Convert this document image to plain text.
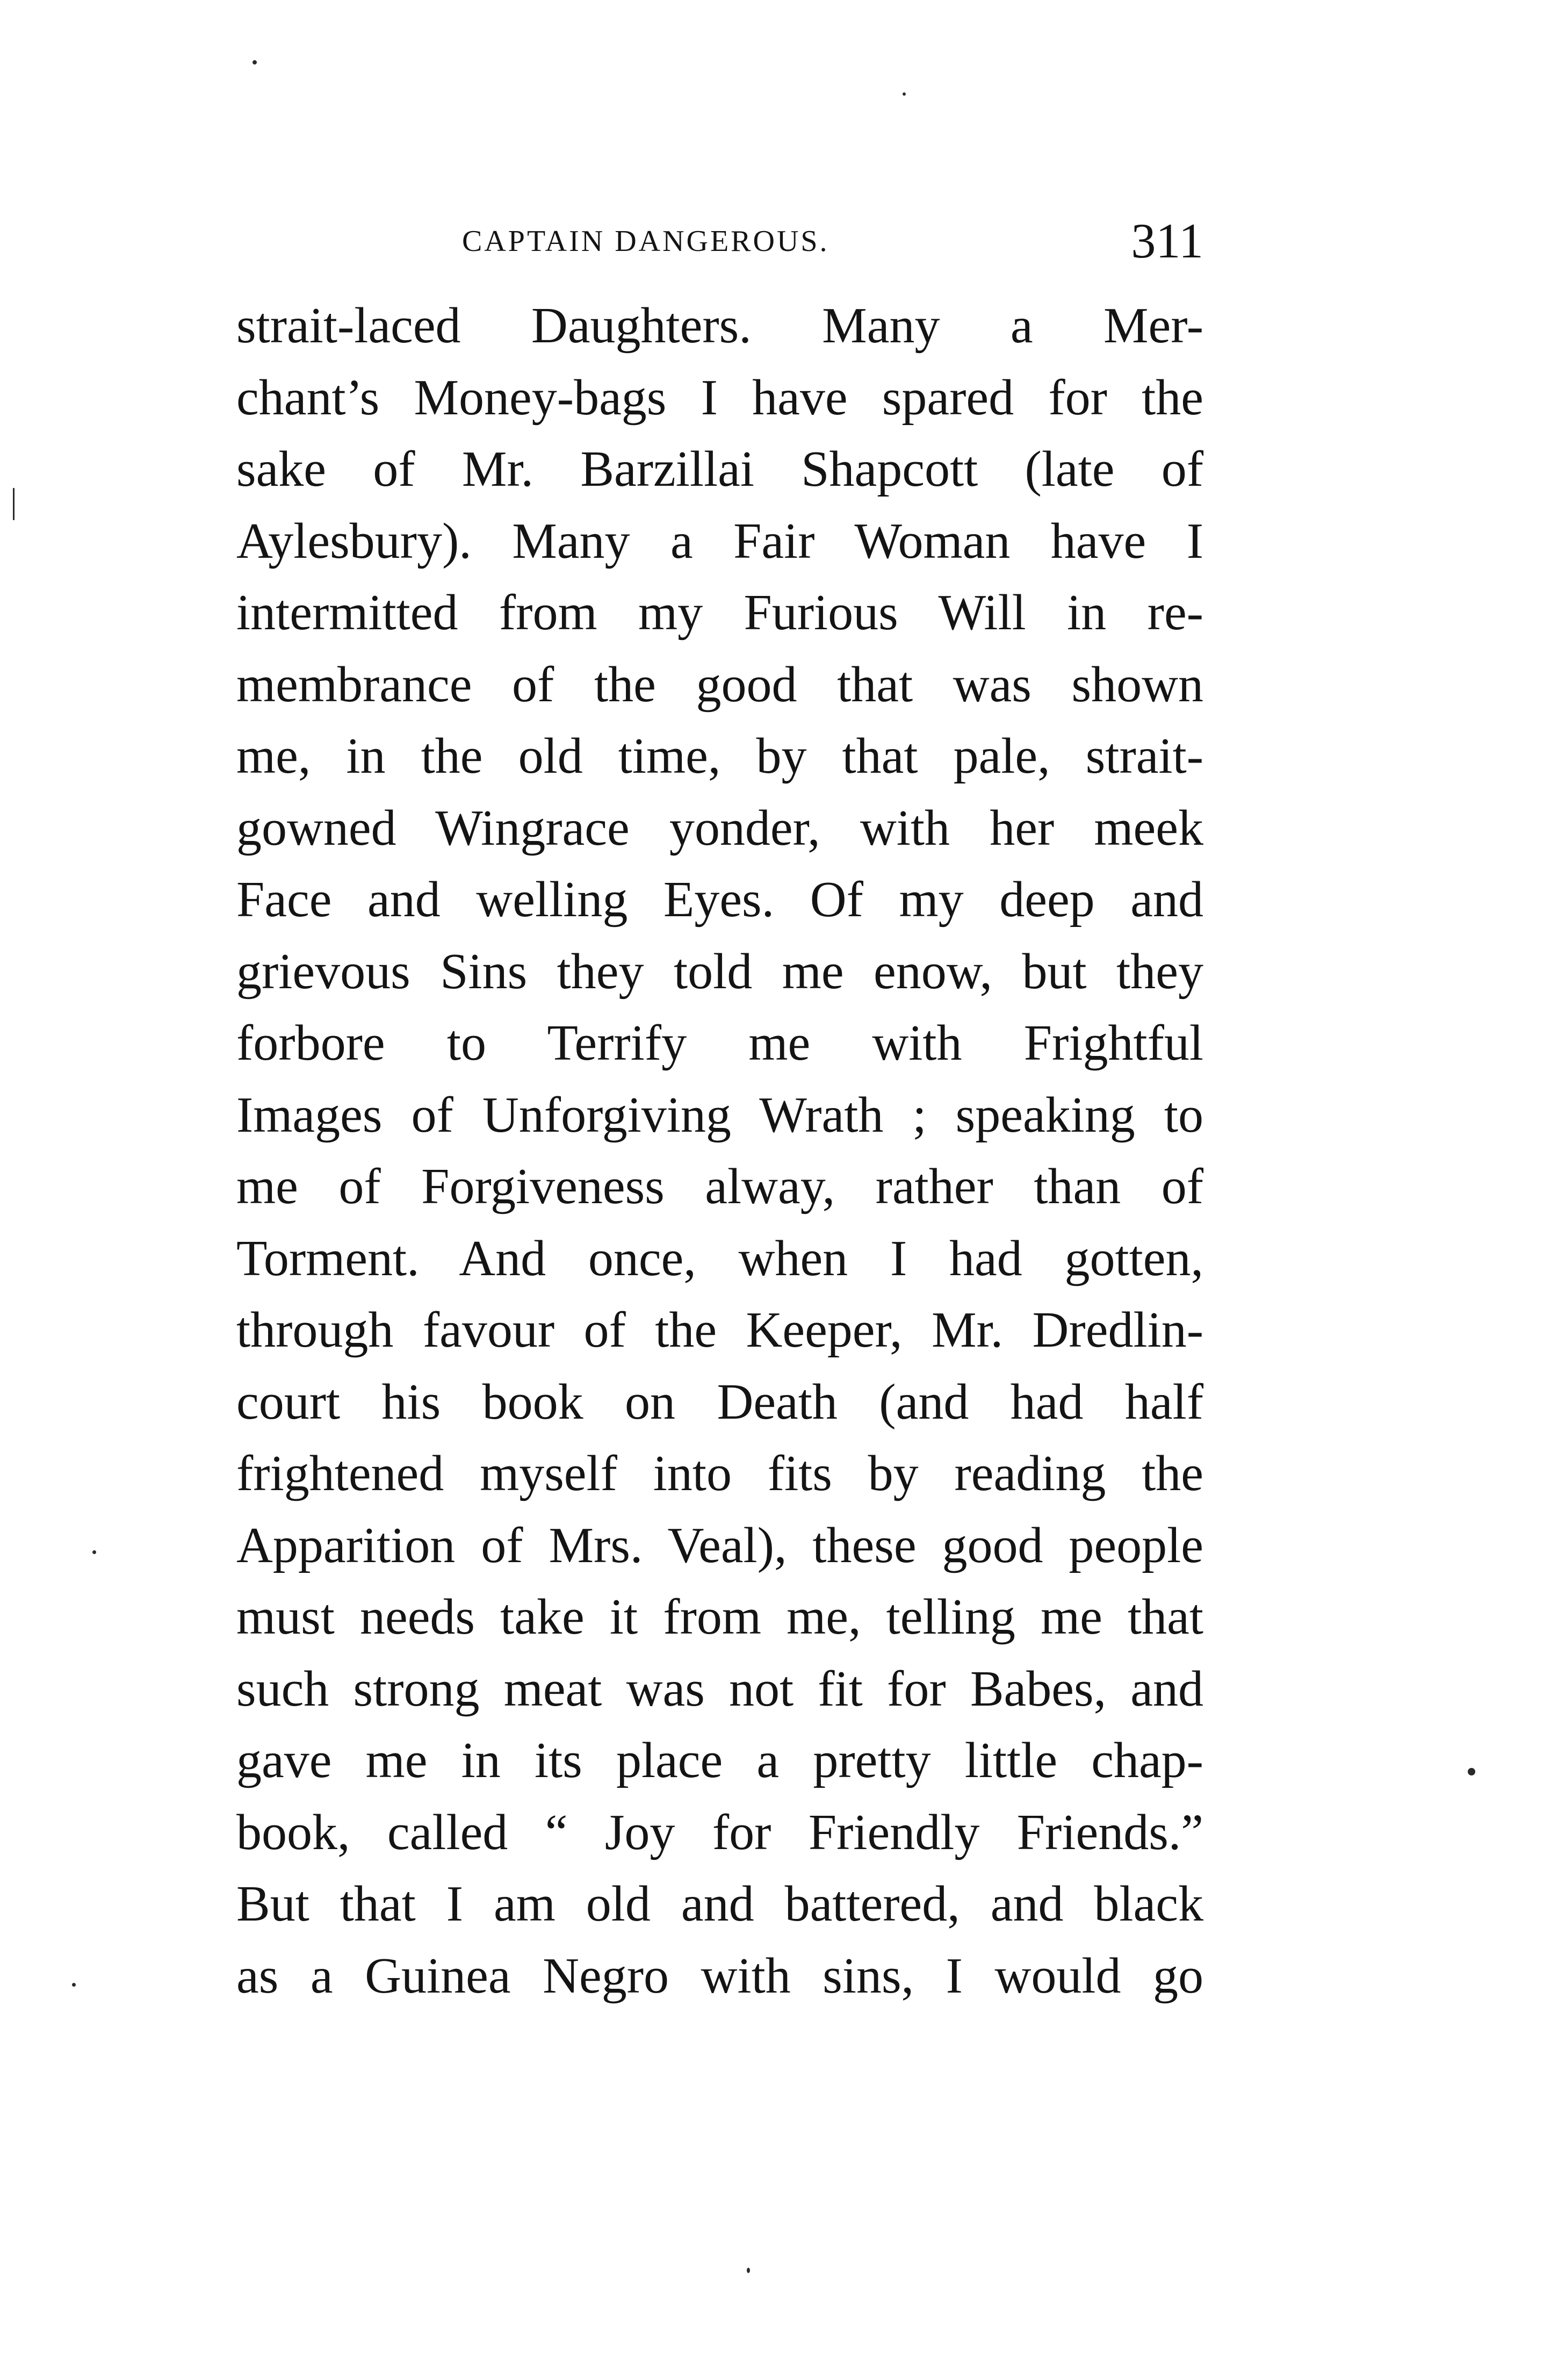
CAPTAIN DANGEROUS.	311
strait-laced Daughters. Many a Mer-
chant’s Money-bags I have spared for the
sake of Mr. Barzillai Shapcott (late of
Aylesbury). Many a Fair Woman have I
intermitted from my Furious Will in re-
membrance of the good that was shown
me, in the old time, by that pale, strait-
gowned Wingrace yonder, with her meek
Face and welling Eyes. Of my deep and
grievous Sins they told me enow, but they
forbore to Terrify me with Frightful
Images of Unforgiving Wrath ; speaking to
me of Forgiveness alway, rather than of
Torment. And once, when I had gotten,
through favour of the Keeper, Mr. Dredlin-
court his book on Death (and had half
frightened myself into fits by reading the
Apparition of Mrs. Veal), these good people
must needs take it from me, telling me that
such strong meat was not fit for Babes, and
gave me in its place a pretty little chap-
book, called “ Joy for Friendly Friends.”
But that I am old and battered, and black
as a Guinea Negro with sins, I would go
